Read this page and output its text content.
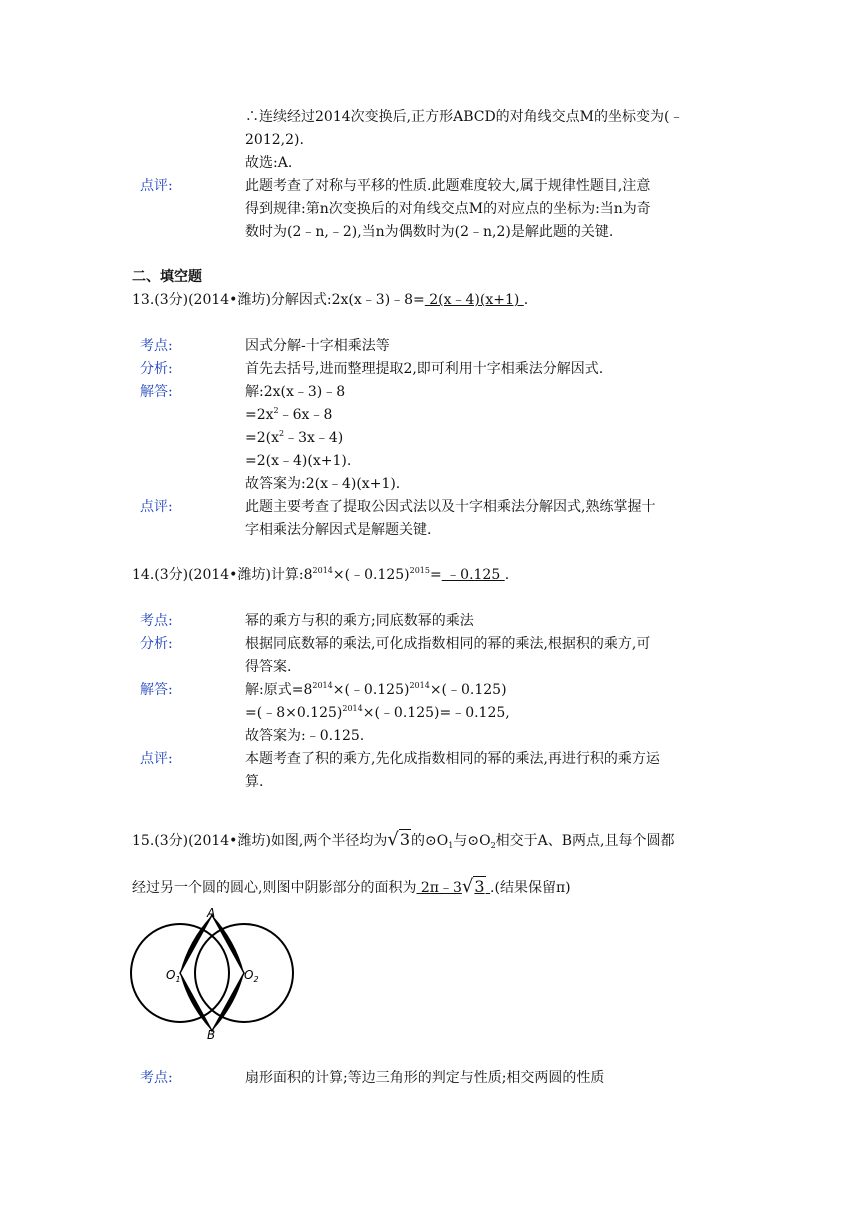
∴连续经过2014次变换后,正方形ABCD的对角线交点M的坐标变为(﹣
2012,2).
故选:A.
点评:	此题考查了对称与平移的性质.此题难度较大,属于规律性题目,注意
得到规律:第n次变换后的对角线交点M的对应点的坐标为:当n为奇
数时为(2﹣n,﹣2),当n为偶数时为(2﹣n,2)是解此题的关键.
二、填空题
13.(3分)(2014•潍坊)分解因式:2x(x﹣3)﹣8= 2(x﹣4)(x+1) .
考点:	因式分解-十字相乘法等
分析:	首先去括号,进而整理提取2,即可利用十字相乘法分解因式.
解答:	解:2x(x﹣3)﹣8
$=2x^2﹣6x﹣8$
$=2(x^2﹣3x﹣4)$
=2(x﹣4)(x+1).
故答案为:2(x﹣4)(x+1).
点评:	此题主要考查了提取公因式法以及十字相乘法分解因式,熟练掌握十
字相乘法分解因式是解题关键.
14.(3分)(2014•潍坊)计算$:8^{2014}\times(﹣0.125)^{2015}=$ ﹣0.125 .
考点:	幂的乘方与积的乘方;同底数幂的乘法
分析:	根据同底数幂的乘法,可化成指数相同的幂的乘法,根据积的乘方,可
得答案.
解答:	解:原式$=8^{2014}\times(﹣0.125)^{2014}\times(﹣0.125)$
=(﹣8×0.125)$^{2014}$×(﹣0.125)=﹣0.125,
故答案为:﹣0.125.
点评:	本题考查了积的乘方,先化成指数相同的幂的乘法,再进行积的乘方运
算.
15.(3分)(2014•潍坊)如图,两个半径均为√3的$⊙O_1$与$⊙O_2$相交于A、B两点,且每个圆都
经过另一个圆的圆心,则图中阴影部分的面积为 2π﹣3√3 .(结果保留π)
A
B
$O_1$	$O_2$
考点:	扇形面积的计算;等边三角形的判定与性质;相交两圆的性质
